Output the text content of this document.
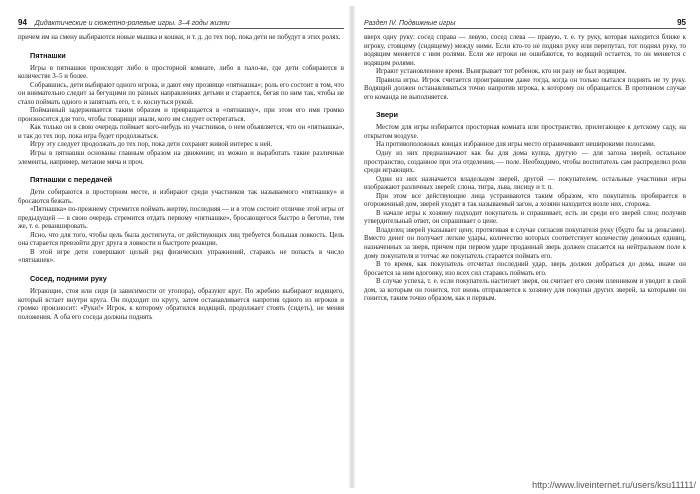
94 Дидактические и сюжетно-ролевые игры. 3–4 годы жизни

причем им на смену выбираются новые мышка и кошки, и т. д. до тех пор, пока дети не побудут в этих ролях.

Пятнашки

Игры в пятнашки происходят либо в просторной комнате, либо в пало-ке, где дети собираются в количестве 3–5 и более.

Собравшись, дети выбирают одного игрока, и дают ему прозвище «пятнашка»; роль его состоит в том, что он внимательно следит за бегущими по разных направлениях детьми и старается, бегая по ним так, чтобы не стало поймать одного и запятнать его, т. е. коснуться рукой.

Пойманный задерживается таким образом и превращается в «пятнашку», при этом его имя громко произносится для того, чтобы товарищи знали, кого им следует остерегаться.

Как только он в свою очередь поймает кого-нибудь из участников, о нем объявляется, что он «пятнашка», и так до тех пор, пока игра будет продолжаться.

Игру эту следует продолжать до тех пор, пока дети сохранят живой интерес к ней.

Игры в пятнашки основаны главным образом на движении; из можно и выработать такие различные элементы, например, метание мяча и проч.

Пятнашки с передачей

Дети собираются в просторном месте, и избирают среди участников так называемого «пятнашку» и бросаются бежать.

«Пятнашка» по-прежнему стремится поймать жертву, последняя — и в этом состоит отличие этой игры от предыдущей — в свою очередь стремится отдать первому «пятнашке», бросающегося быстро в беготне, тем же, т. е. реваншировать.

Ясно, что для того, чтобы цель была достигнута, от действующих лиц требуется большая ловкость. Цель она старается превзойти друг друга в ловкости и быстроте реакции.

В этой игре дети совершают целый ряд физических упражнений, стараясь не попасть в число «пятнашек».

Сосед, подними руку

Играющие, стоя или сидя (в зависимости от угопора), образуют круг. По жребию выбирают водящего, который встает внутри круга. Он подходит по кругу, затем останавливается напротив одного из игроков и громко произносит: «Руки!» Игрок, к которому обратился водящий, продолжает стоять (сидеть), не меняя положения. А оба его соседа должны поднять

Раздел IV. Подвижные игры	95

вверх одну руку: сосед справа — левую, сосед слева — правую, т. е. ту руку, которая находится ближе к игроку, стоящему (сидящему) между ними. Если кто-то не поднял руку или перепутал, тот поднял руку, то водящим меняется с ним ролями. Если же игроки не ошибаются, то водящий остается, то он меняется с водящим ролями.

Играют установленное время. Выигрывает тот ребенок, кто ни разу не был водящим.

Правила игры. Игрок считается проигравшим даже тогда, когда он только пытался поднять не ту руку. Водящий должен останавливаться точно напротив игрока, к которому он обращается. В противном случае его команда не выполняется.

Звери

Местом для игры избирается просторная комната или пространство, прилегающее к детскому саду, на открытом воздухе.

На противоположных концах избранное для игры место ограничивают неширокими полосами.

Одну из них предназначают как бы для дома купца, другую — для загона зверей, остальное пространство, созданное при эта отделения, — поле. Необходимо, чтобы воспитатель сам распределил роли среди играющих.

Один из них назначается владельцем зверей, другой — покупателем, остальные участники игры изображают различных зверей: слона, тигра, льва, лисицу и т. п.

При этом все действующие лица устраиваются таким образом, что покупатель пробирается в огороженный дом, зверей уходят в так называемый загон, а хозяин находится возле них, сторожа.

В начале игры к хозяину подходит покупатель и спрашивает, есть ли среди его зверей слон; получив утвердительный ответ, он спрашивает о цене.

Владелец зверей указывает цену, протягивая в случае согласия покупателя руку (будто бы за деньгами). Вместо денег он получает легкие удары, количество которых соответствует количеству денежных единиц, назначенных за зверя, причем при первом ударе проданный зверь должен спасается на нейтральном поле к дому покупателя и тотчас же покупатель старается поймать его.

В то время, как покупатель отсчитал последний удар, зверь должен добраться до дома, иначе он бросается за ним вдогонку, изо всех сил стараясь поймать его.

В случае успеха, т. е. если покупатель настигнет зверя, он считает его своим пленником и уводит в свой дом, за которым он гонится, тот вновь отправляется к хозяину для покупки других зверей, за которыми он гонится, таким точно образом, как и первым.

http://www.liveinternet.ru/users/ksu11111/
